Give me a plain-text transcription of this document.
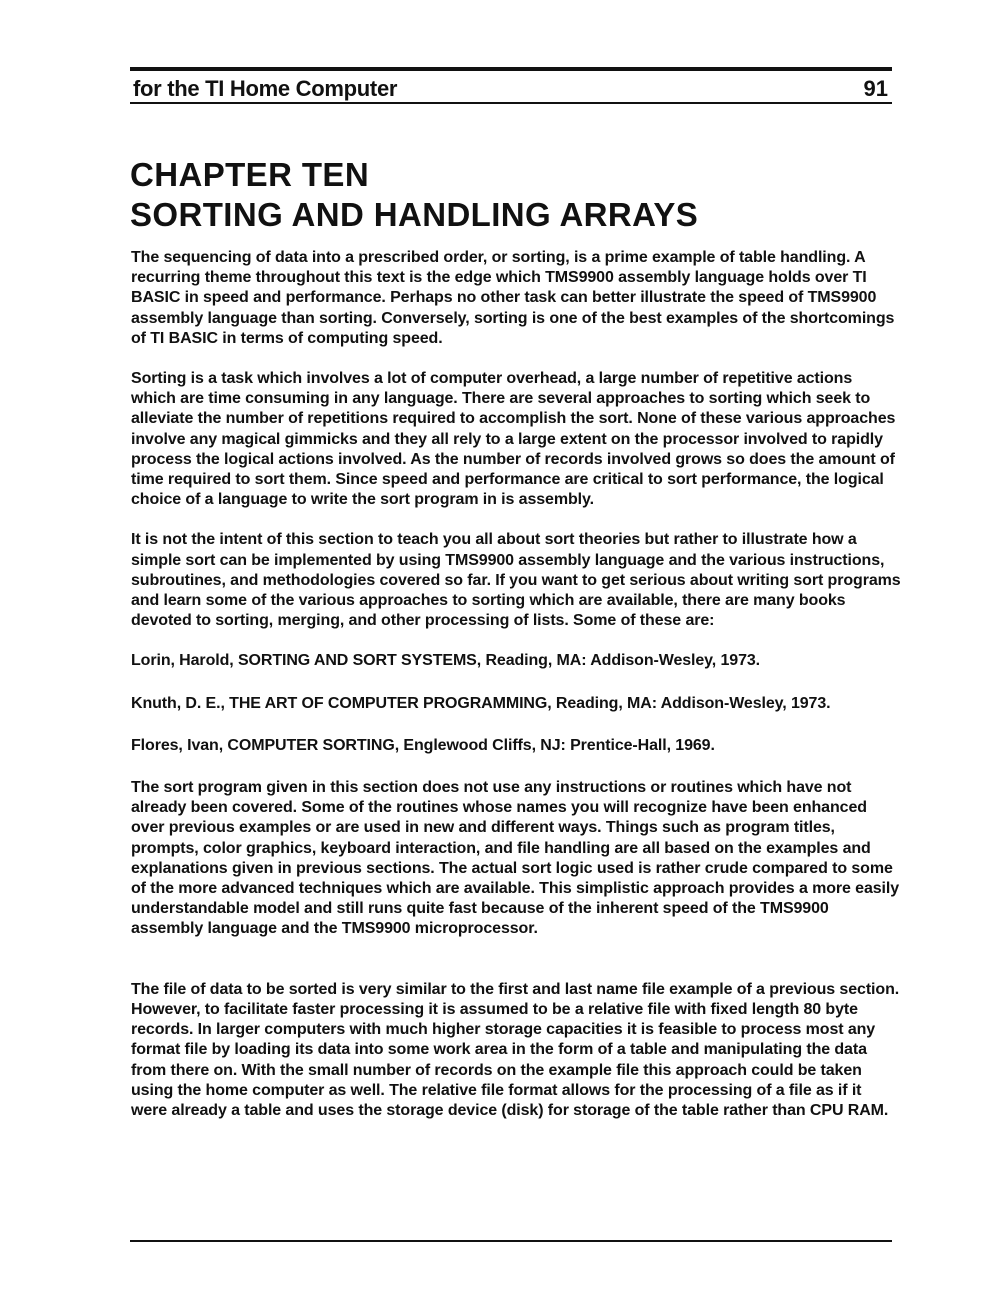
for the TI Home Computer	91
CHAPTER TEN
SORTING AND HANDLING ARRAYS

The sequencing of data into a prescribed order, or sorting, is a prime example of table handling. A recurring theme throughout this text is the edge which TMS9900 assembly language holds over TI BASIC in speed and performance. Perhaps no other task can better illustrate the speed of TMS9900 assembly language than sorting. Conversely, sorting is one of the best examples of the shortcomings of TI BASIC in terms of computing speed.

Sorting is a task which involves a lot of computer overhead, a large number of repetitive actions which are time consuming in any language. There are several approaches to sorting which seek to alleviate the number of repetitions required to accomplish the sort. None of these various approaches involve any magical gimmicks and they all rely to a large extent on the processor involved to rapidly process the logical actions involved. As the number of records involved grows so does the amount of time required to sort them. Since speed and performance are critical to sort performance, the logical choice of a language to write the sort program in is assembly.

It is not the intent of this section to teach you all about sort theories but rather to illustrate how a simple sort can be implemented by using TMS9900 assembly language and the various instructions, subroutines, and methodologies covered so far. If you want to get serious about writing sort programs and learn some of the various approaches to sorting which are available, there are many books devoted to sorting, merging, and other processing of lists. Some of these are:

Lorin, Harold, SORTING AND SORT SYSTEMS, Reading, MA: Addison-Wesley, 1973.

Knuth, D. E., THE ART OF COMPUTER PROGRAMMING, Reading, MA: Addison-Wesley, 1973.

Flores, Ivan, COMPUTER SORTING, Englewood Cliffs, NJ: Prentice-Hall, 1969.

The sort program given in this section does not use any instructions or routines which have not already been covered. Some of the routines whose names you will recognize have been enhanced over previous examples or are used in new and different ways. Things such as program titles, prompts, color graphics, keyboard interaction, and file handling are all based on the examples and explanations given in previous sections. The actual sort logic used is rather crude compared to some of the more advanced techniques which are available. This simplistic approach provides a more easily understandable model and still runs quite fast because of the inherent speed of the TMS9900 assembly language and the TMS9900 microprocessor.

The file of data to be sorted is very similar to the first and last name file example of a previous section. However, to facilitate faster processing it is assumed to be a relative file with fixed length 80 byte records. In larger computers with much higher storage capacities it is feasible to process most any format file by loading its data into some work area in the form of a table and manipulating the data from there on. With the small number of records on the example file this approach could be taken using the home computer as well. The relative file format allows for the processing of a file as if it were already a table and uses the storage device (disk) for storage of the table rather than CPU RAM.
